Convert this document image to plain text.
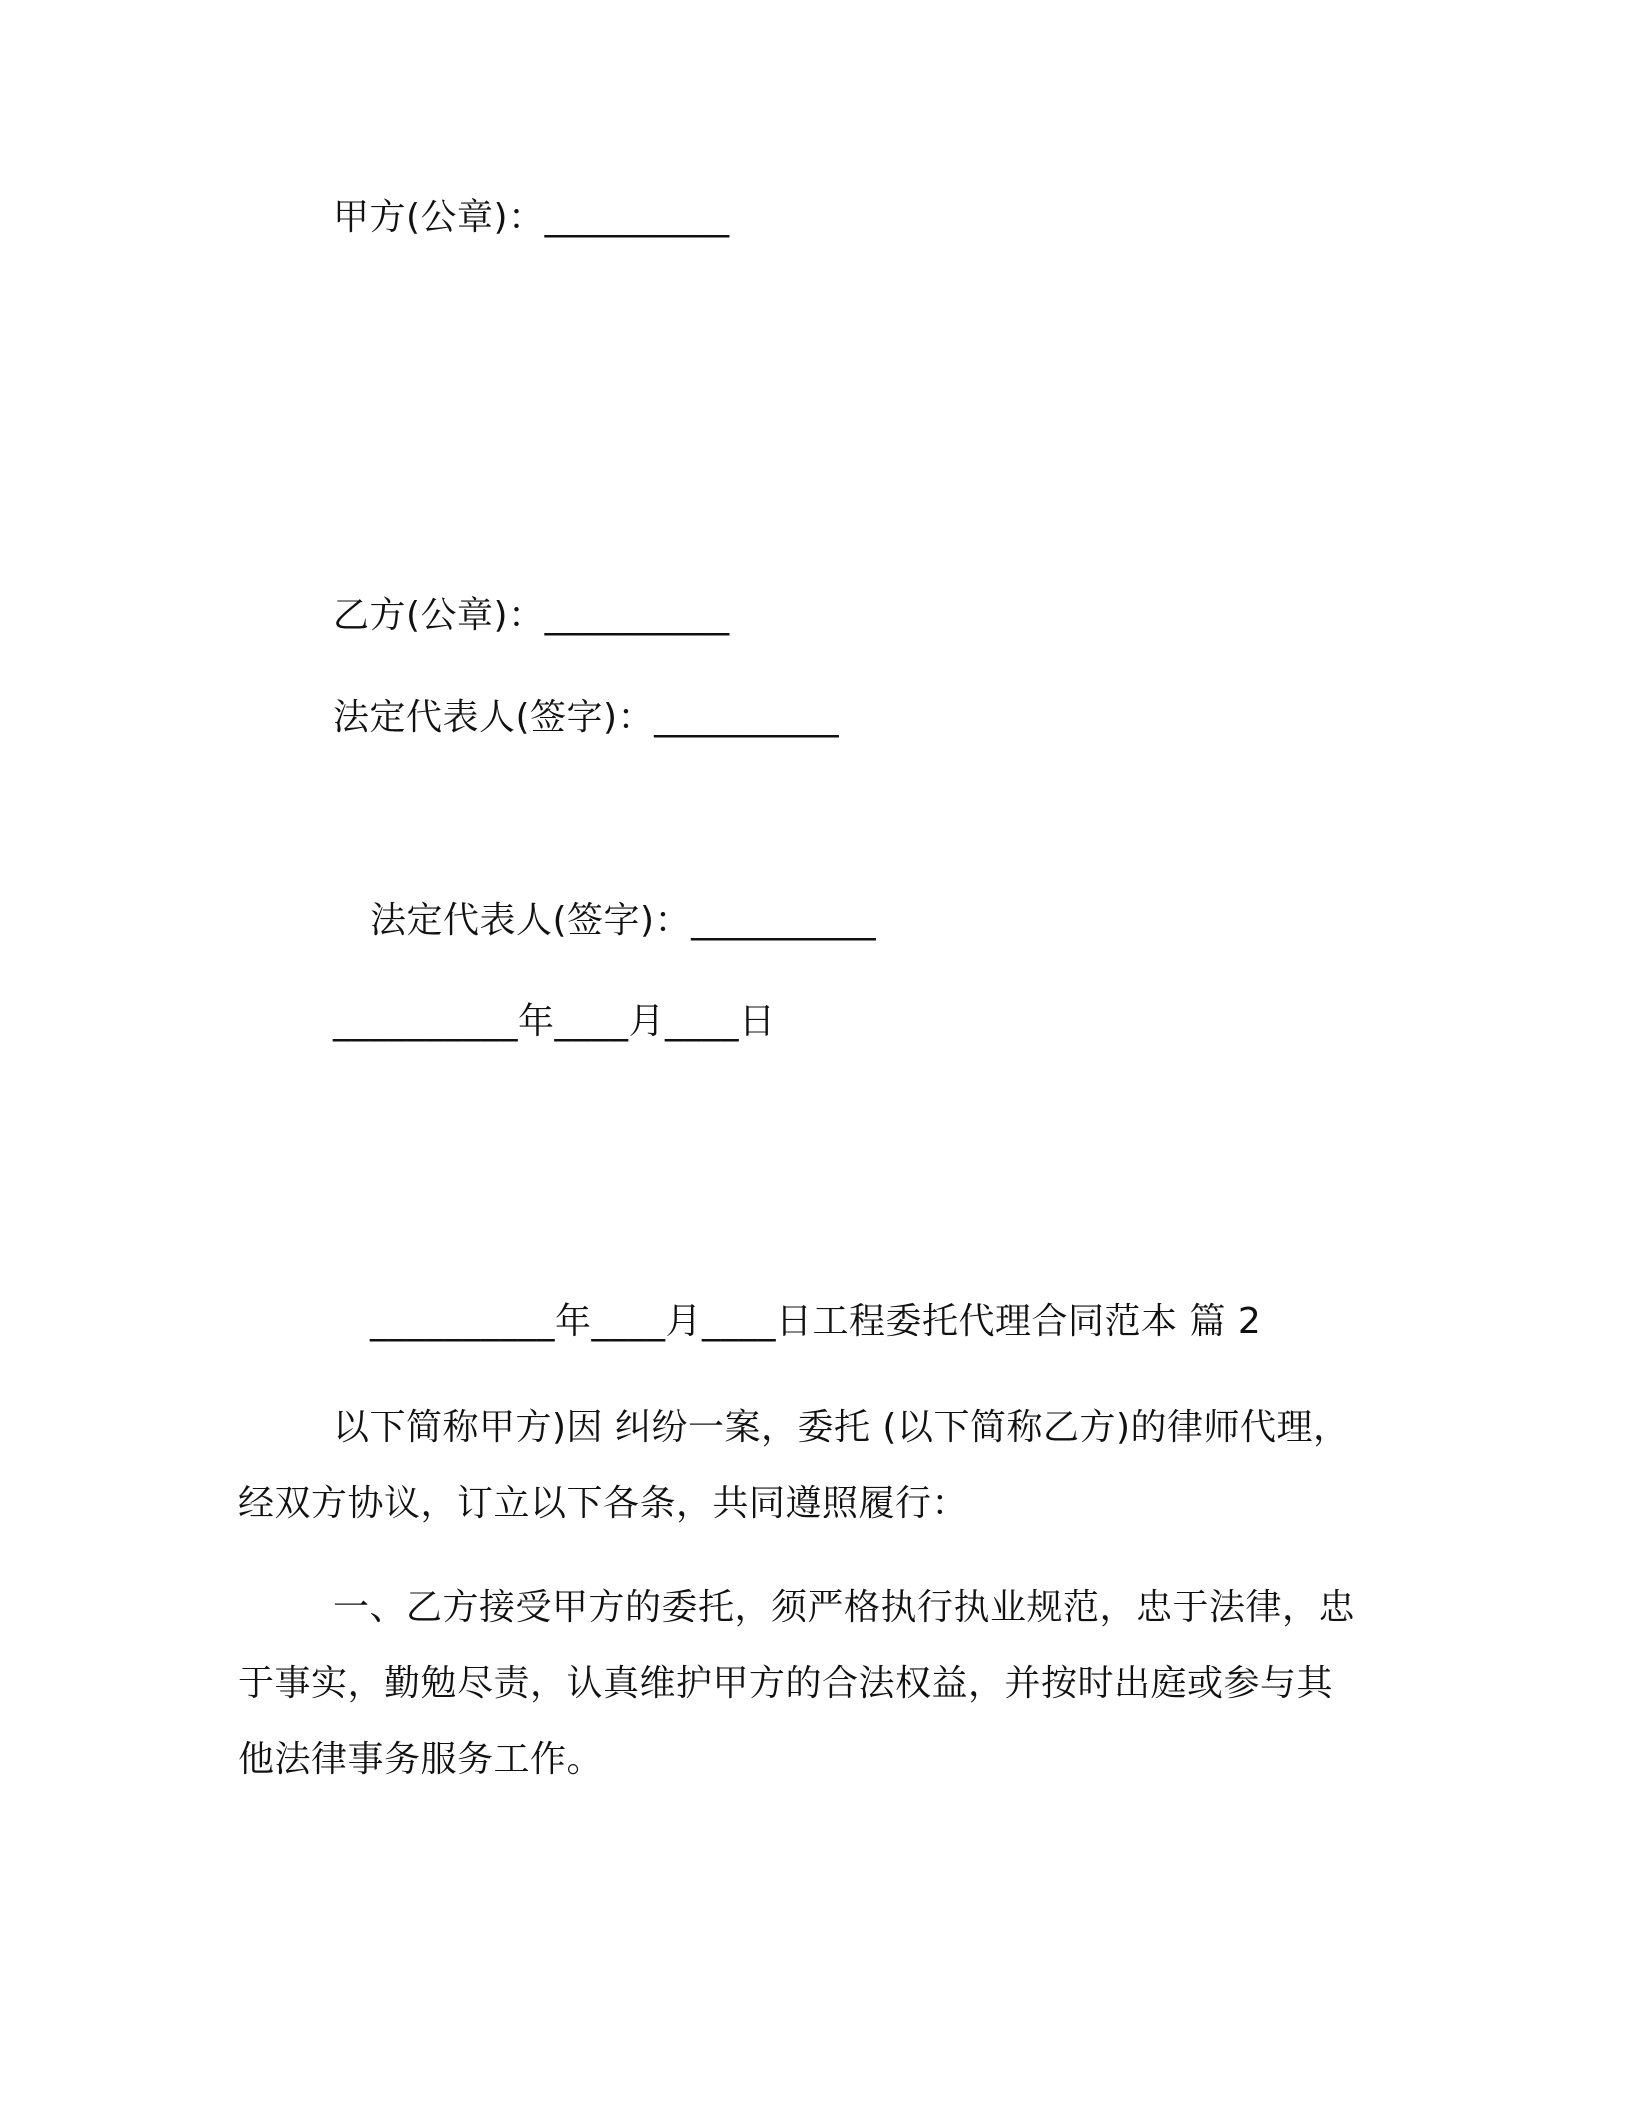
甲方(公章)：__________
乙方(公章)：__________
法定代表人(签字)：__________
法定代表人(签字)：__________
__________年____月____日
__________年____月____日工程委托代理合同范本 篇 2
以下简称甲方)因 纠纷一案，委托 (以下简称乙方)的律师代理，
经双方协议，订立以下各条，共同遵照履行：
一、乙方接受甲方的委托，须严格执行执业规范，忠于法律，忠
于事实，勤勉尽责，认真维护甲方的合法权益，并按时出庭或参与其
他法律事务服务工作。
